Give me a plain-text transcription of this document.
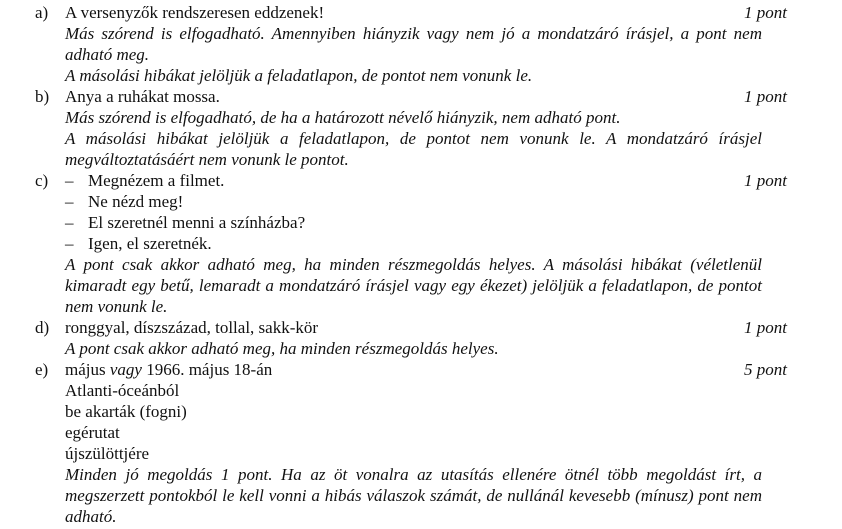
a) A versenyzők rendszeresen eddzenek!
Más szórend is elfogadható. Amennyiben hiányzik vagy nem jó a mondatzáró írásjel, a pont nem adható meg.
A másolási hibákat jelöljük a feladatlapon, de pontot nem vonunk le.
1 pont
b) Anya a ruhákat mossa.
Más szórend is elfogadható, de ha a határozott névelő hiányzik, nem adható pont.
A másolási hibákat jelöljük a feladatlapon, de pontot nem vonunk le. A mondatzáró írásjel megváltoztatásáért nem vonunk le pontot.
1 pont
c) – Megnézem a filmet.
– Ne nézd meg!
– El szeretnél menni a színházba?
– Igen, el szeretnék.
A pont csak akkor adható meg, ha minden részmegoldás helyes. A másolási hibákat (véletlenül kimaradt egy betű, lemaradt a mondatzáró írásjel vagy egy ékezet) jelöljük a feladatlapon, de pontot nem vonunk le.
1 pont
d) ronggyal, díszszázad, tollal, sakk-kör
A pont csak akkor adható meg, ha minden részmegoldás helyes.
1 pont
e) május vagy 1966. május 18-án
Atlanti-óceánból
be akarták (fogni)
egérutat
újszülöttjére
Minden jó megoldás 1 pont. Ha az öt vonalra az utasítás ellenére ötnél több megoldást írt, a megszerzett pontokból le kell vonni a hibás válaszok számát, de nullánál kevesebb (mínusz) pont nem adható.
5 pont
